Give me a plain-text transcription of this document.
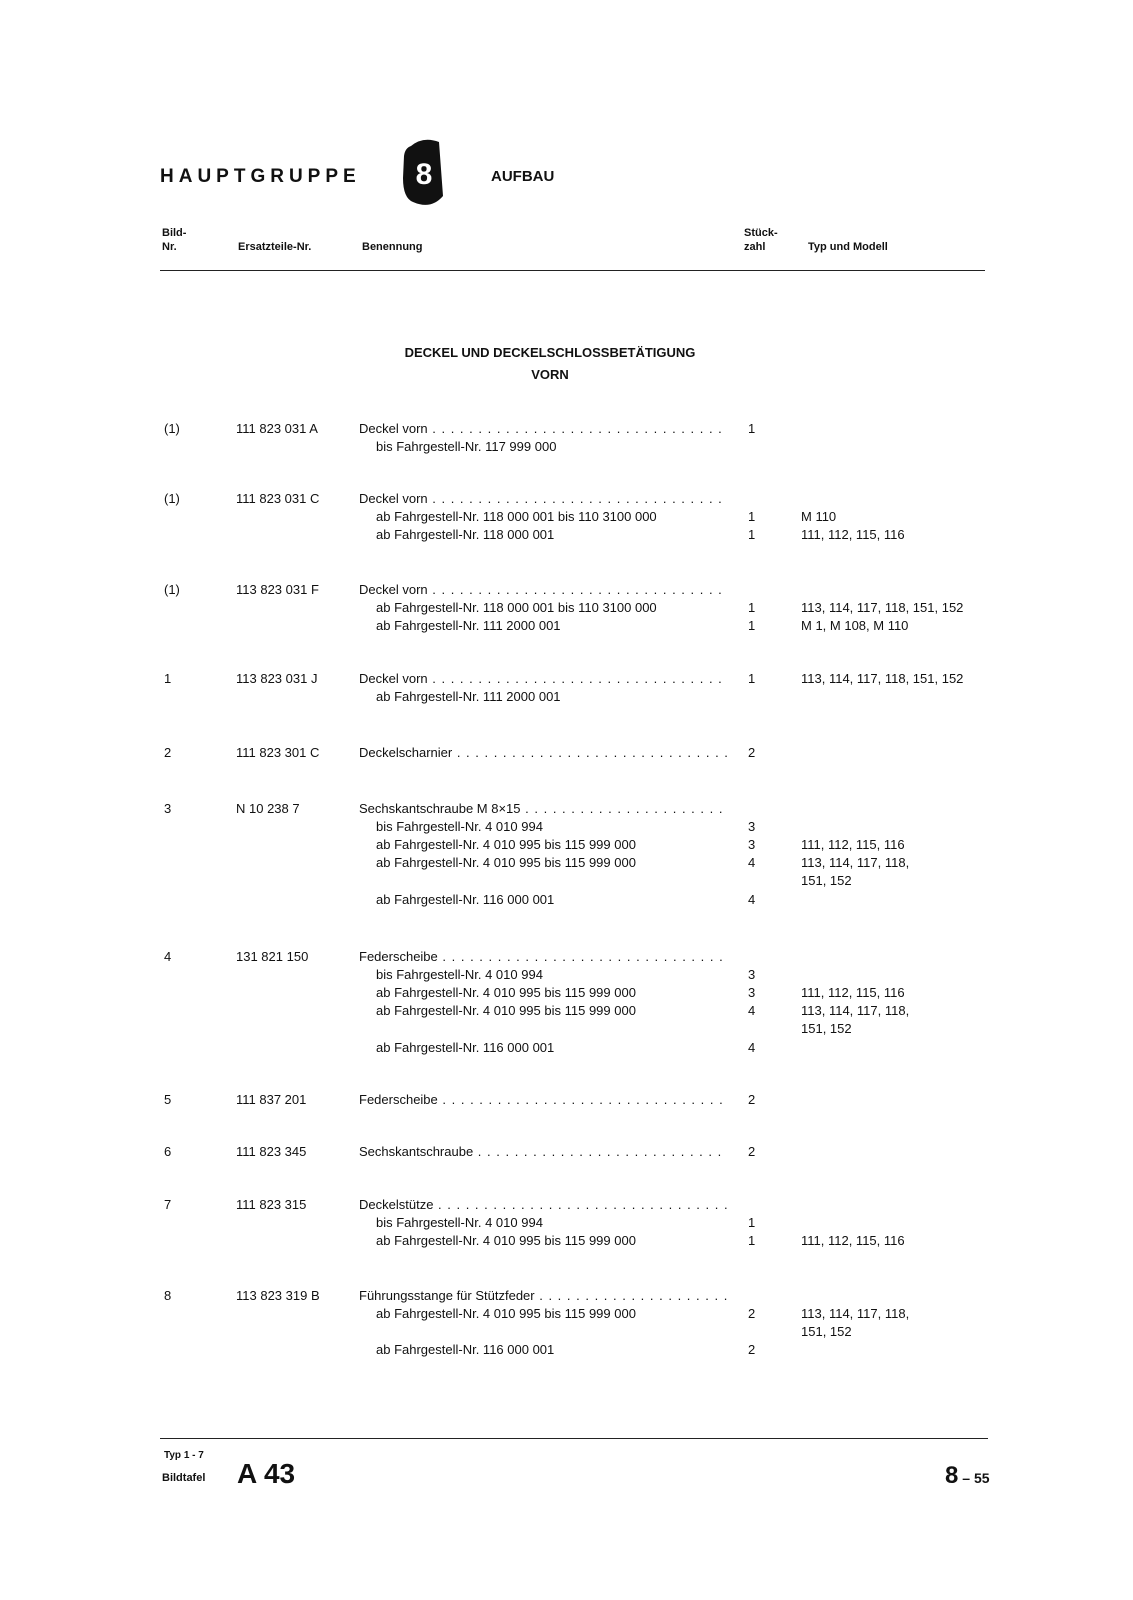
HAUPTGRUPPE 8	AUFBAU
Bild-
Nr.	Ersatzteile-Nr.	Benennung
Stück-
zahl	Typ und Modell
DECKEL UND DECKELSCHLOSSBETÄTIGUNG
VORN
(1)	111 823 031 A	Deckel vorn . . .	1
bis Fahrgestell-Nr. 117 999 000
(1)	111 823 031 C	Deckel vorn . . .
ab Fahrgestell-Nr. 118 000 001 bis 110 3100 000	1	M 110
ab Fahrgestell-Nr. 118 000 001	1	111, 112, 115, 116
(1)	113 823 031 F	Deckel vorn . . .
ab Fahrgestell-Nr. 118 000 001 bis 110 3100 000	1	113, 114, 117, 118, 151, 152
ab Fahrgestell-Nr. 111 2000 001	1	M 1, M 108, M 110
1	113 823 031 J	Deckel vorn . . .	1	113, 114, 117, 118, 151, 152
ab Fahrgestell-Nr. 111 2000 001
2	111 823 301 C	Deckelscharnier . . .	2
3	N 10 238 7	Sechskantschraube M 8×15 . . .
bis Fahrgestell-Nr. 4 010 994	3
ab Fahrgestell-Nr. 4 010 995 bis 115 999 000	3	111, 112, 115, 116
ab Fahrgestell-Nr. 4 010 995 bis 115 999 000	4	113, 114, 117, 118,
151, 152
ab Fahrgestell-Nr. 116 000 001	4
4	131 821 150	Federscheibe . . .
bis Fahrgestell-Nr. 4 010 994	3
ab Fahrgestell-Nr. 4 010 995 bis 115 999 000	3	111, 112, 115, 116
ab Fahrgestell-Nr. 4 010 995 bis 115 999 000	4	113, 114, 117, 118,
151, 152
ab Fahrgestell-Nr. 116 000 001	4
5	111 837 201	Federscheibe . . .	2
6	111 823 345	Sechskantschraube . . .	2
7	111 823 315	Deckelstütze . . .
bis Fahrgestell-Nr. 4 010 994	1
ab Fahrgestell-Nr. 4 010 995 bis 115 999 000	1	111, 112, 115, 116
8	113 823 319 B	Führungsstange für Stützfeder . . .
ab Fahrgestell-Nr. 4 010 995 bis 115 999 000	2	113, 114, 117, 118,
151, 152
ab Fahrgestell-Nr. 116 000 001	2
Typ 1 - 7
Bildtafel A 43	8 – 55
